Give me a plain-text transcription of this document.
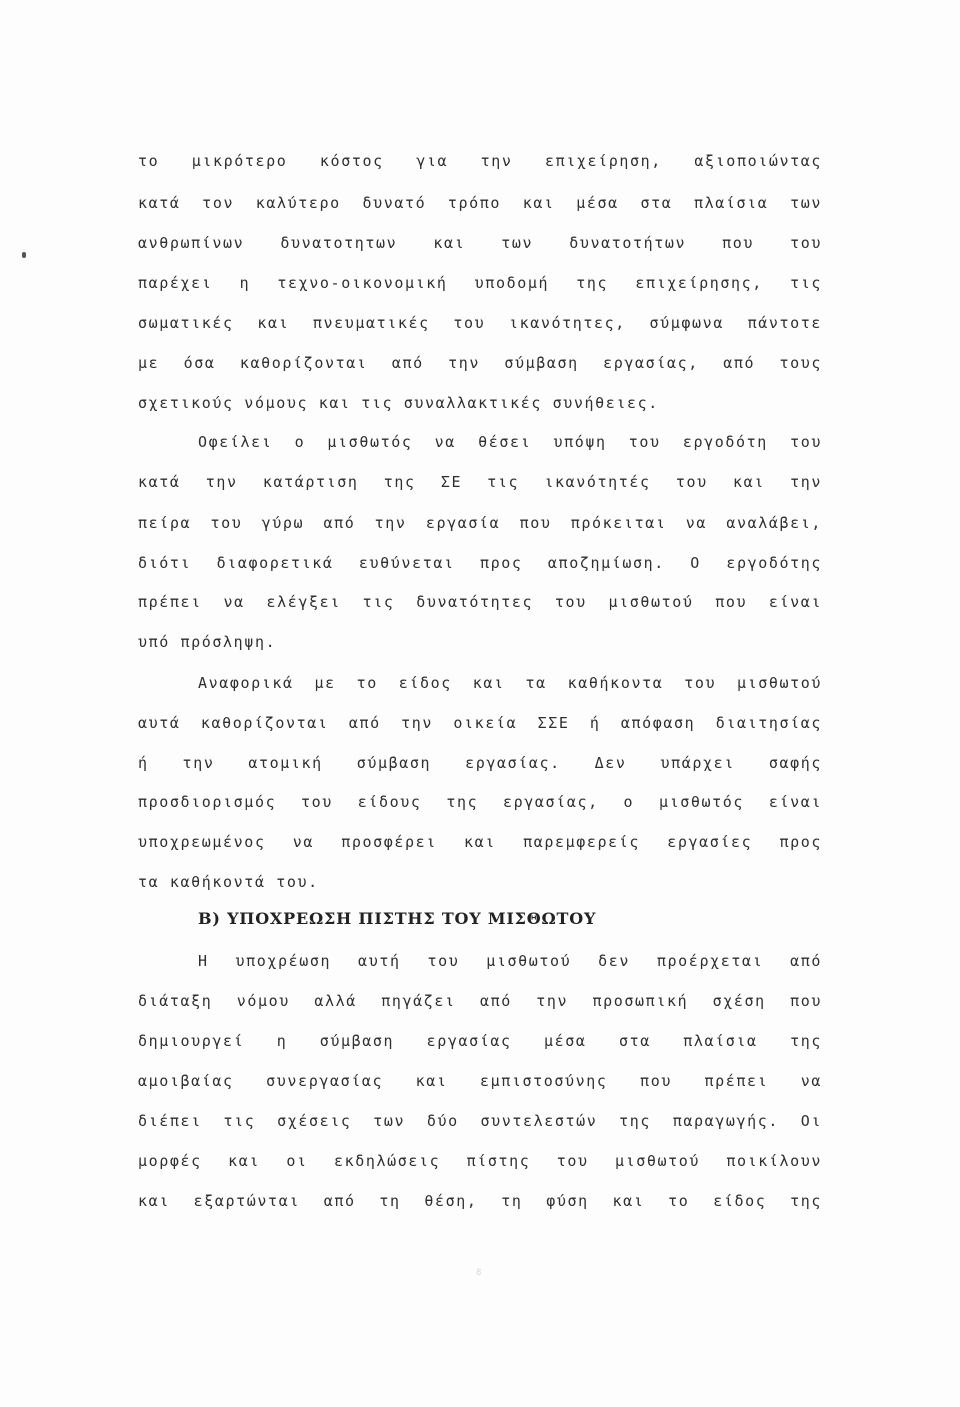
το μικρότερο κόστος για την επιχείρηση, αξιοποιώντας
κατά τον καλύτερο δυνατό τρόπο και μέσα στα πλαίσια των
ανθρωπίνων δυνατοτητων και των δυνατοτήτων που του
παρέχει η τεχνο-οικονομική υποδομή της επιχείρησης, τις
σωματικές και πνευματικές του ικανότητες, σύμφωνα πάντοτε
με όσα καθορίζονται από την σύμβαση εργασίας, από τους
σχετικούς νόμους και τις συναλλακτικές συνήθειες.
Οφείλει ο μισθωτός να θέσει υπόψη του εργοδότη του
κατά την κατάρτιση της ΣΕ τις ικανότητές του και την
πείρα του γύρω από την εργασία που πρόκειται να αναλάβει,
διότι διαφορετικά ευθύνεται προς αποζημίωση. Ο εργοδότης
πρέπει να ελέγξει τις δυνατότητες του μισθωτού που είναι
υπό πρόσληψη.
Αναφορικά με το είδος και τα καθήκοντα του μισθωτού
αυτά καθορίζονται από την οικεία ΣΣΕ ή απόφαση διαιτησίας
ή την ατομική σύμβαση εργασίας. Δεν υπάρχει σαφής
προσδιορισμός του είδους της εργασίας, ο μισθωτός είναι
υποχρεωμένος να προσφέρει και παρεμφερείς εργασίες προς
τα καθήκοντά του.
Β) ΥΠΟΧΡΕΩΣΗ ΠΙΣΤΗΣ ΤΟΥ ΜΙΣΘΩΤΟΥ
Η υποχρέωση αυτή του μισθωτού δεν προέρχεται από
διάταξη νόμου αλλά πηγάζει από την προσωπική σχέση που
δημιουργεί η σύμβαση εργασίας μέσα στα πλαίσια της
αμοιβαίας συνεργασίας και εμπιστοσύνης που πρέπει να
διέπει τις σχέσεις των δύο συντελεστών της παραγωγής. Οι
μορφές και οι εκδηλώσεις πίστης του μισθωτού ποικίλουν
και εξαρτώνται από τη θέση, τη φύση και το είδος της
8
